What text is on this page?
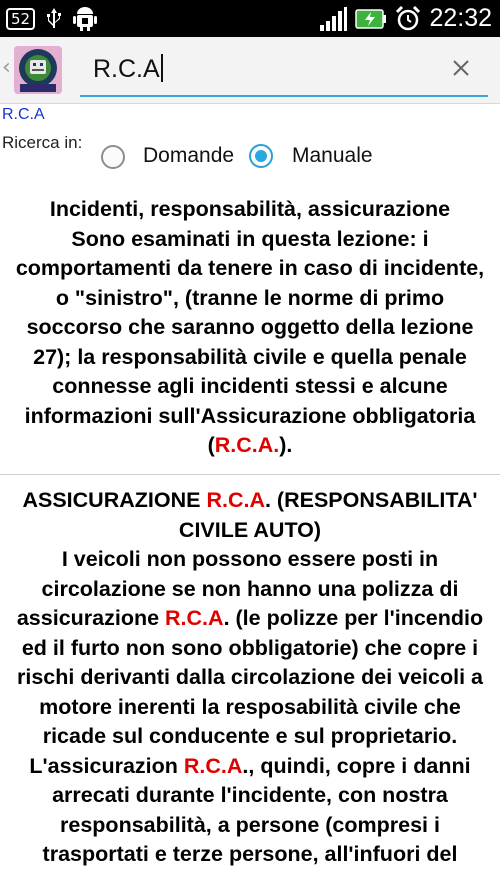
52	22:32
‹	R.C.A
R.C.A
Ricerca in:
Domande	Manuale
Incidenti, responsabilità, assicurazione
Sono esaminati in questa lezione: i comportamenti da tenere in caso di incidente, o "sinistro", (tranne le norme di primo soccorso che saranno oggetto della lezione 27); la responsabilità civile e quella penale connesse agli incidenti stessi e alcune informazioni sull'Assicurazione obbligatoria (R.C.A.).
ASSICURAZIONE R.C.A. (RESPONSABILITA' CIVILE AUTO)
I veicoli non possono essere posti in circolazione se non hanno una polizza di assicurazione R.C.A. (le polizze per l'incendio ed il furto non sono obbligatorie) che copre i rischi derivanti dalla circolazione dei veicoli a motore inerenti la resposabilità civile che ricade sul conducente e sul proprietario.
L'assicurazion R.C.A., quindi, copre i danni arrecati durante l'incidente, con nostra responsabilità, a persone (compresi i trasportati e terze persone, all'infuori del
